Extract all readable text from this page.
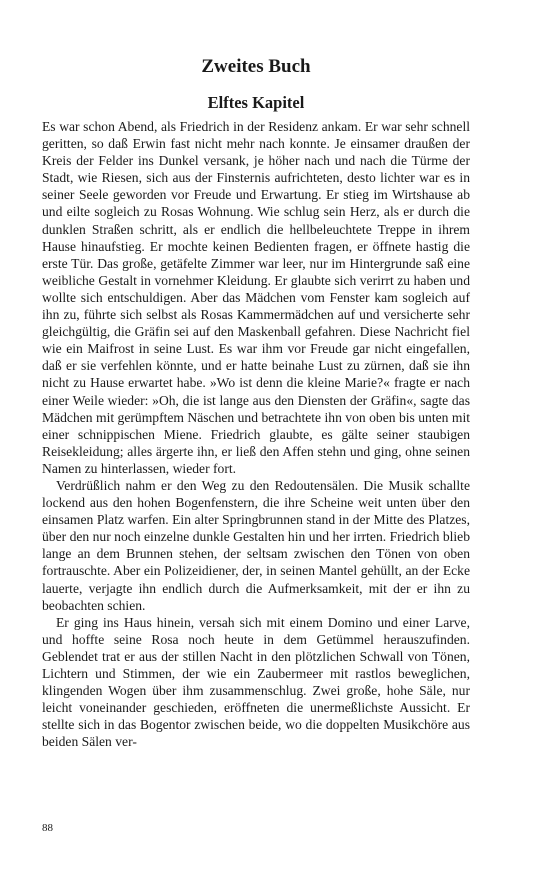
Zweites Buch
Elftes Kapitel

Es war schon Abend, als Friedrich in der Residenz ankam. Er war sehr schnell geritten, so daß Erwin fast nicht mehr nach konnte. Je einsamer draußen der Kreis der Felder ins Dunkel versank, je höher nach und nach die Türme der Stadt, wie Riesen, sich aus der Finsternis aufrichteten, desto lichter war es in seiner Seele geworden vor Freude und Erwartung. Er stieg im Wirtshause ab und eilte sogleich zu Rosas Wohnung. Wie schlug sein Herz, als er durch die dunklen Straßen schritt, als er endlich die hellbeleuchtete Treppe in ihrem Hause hinaufstieg. Er mochte keinen Bedienten fragen, er öffnete hastig die erste Tür. Das große, getäfelte Zimmer war leer, nur im Hintergrunde saß eine weibliche Gestalt in vornehmer Kleidung. Er glaubte sich verirrt zu haben und wollte sich entschuldigen. Aber das Mädchen vom Fenster kam sogleich auf ihn zu, führte sich selbst als Rosas Kammermädchen auf und versicherte sehr gleichgültig, die Gräfin sei auf den Maskenball gefahren. Diese Nachricht fiel wie ein Maifrost in seine Lust. Es war ihm vor Freude gar nicht eingefallen, daß er sie verfehlen könnte, und er hatte beinahe Lust zu zürnen, daß sie ihn nicht zu Hause erwartet habe. »Wo ist denn die kleine Marie?« fragte er nach einer Weile wieder: »Oh, die ist lange aus den Diensten der Gräfin«, sagte das Mädchen mit gerümpftem Näschen und betrachtete ihn von oben bis unten mit einer schnippischen Miene. Friedrich glaubte, es gälte seiner staubigen Reisekleidung; alles ärgerte ihn, er ließ den Affen stehn und ging, ohne seinen Namen zu hinterlassen, wieder fort.

Verdrüßlich nahm er den Weg zu den Redoutensälen. Die Musik schallte lockend aus den hohen Bogenfenstern, die ihre Scheine weit unten über den einsamen Platz warfen. Ein alter Springbrunnen stand in der Mitte des Platzes, über den nur noch einzelne dunkle Gestalten hin und her irrten. Friedrich blieb lange an dem Brunnen stehen, der seltsam zwischen den Tönen von oben fortrauschte. Aber ein Polizeidiener, der, in seinen Mantel gehüllt, an der Ecke lauerte, verjagte ihn endlich durch die Aufmerksamkeit, mit der er ihn zu beobachten schien.

Er ging ins Haus hinein, versah sich mit einem Domino und einer Larve, und hoffte seine Rosa noch heute in dem Getümmel herauszufinden. Geblendet trat er aus der stillen Nacht in den plötzlichen Schwall von Tönen, Lichtern und Stimmen, der wie ein Zaubermeer mit rastlos beweglichen, klingenden Wogen über ihm zusammenschlug. Zwei große, hohe Säle, nur leicht voneinander geschieden, eröffneten die unermeßlichste Aussicht. Er stellte sich in das Bogentor zwischen beide, wo die doppelten Musikchöre aus beiden Sälen ver-

88
